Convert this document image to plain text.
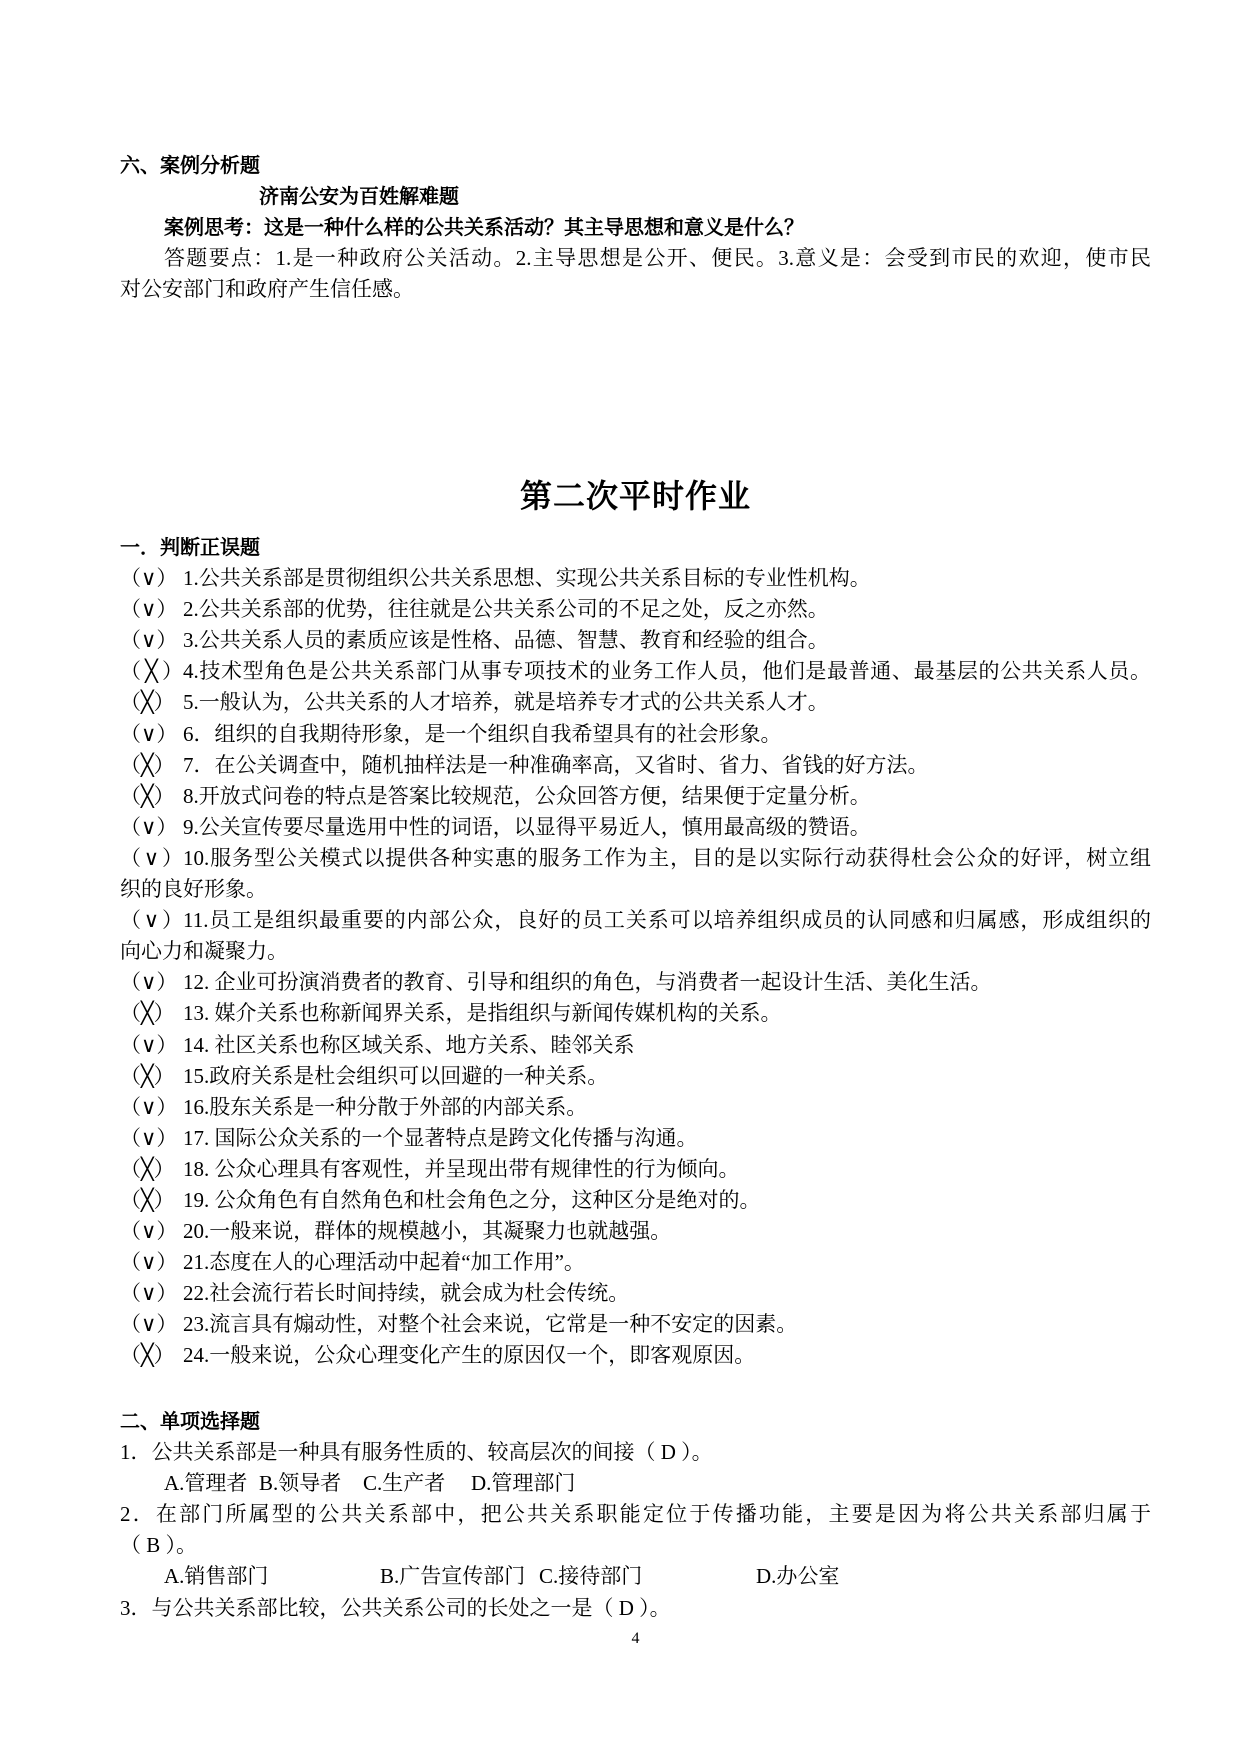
六、案例分析题
济南公安为百姓解难题
案例思考：这是一种什么样的公共关系活动？其主导思想和意义是什么？
答题要点：1.是一种政府公关活动。2.主导思想是公开、便民。3.意义是：会受到市民的欢迎，使市民
对公安部门和政府产生信任感。
第二次平时作业
一．判断正误题
（∨） 1.公共关系部是贯彻组织公共关系思想、实现公共关系目标的专业性机构。
（∨） 2.公共关系部的优势，往往就是公共关系公司的不足之处，反之亦然。
（∨） 3.公共关系人员的素质应该是性格、品德、智慧、教育和经验的组合。
（╳）4.技术型角色是公共关系部门从事专项技术的业务工作人员，他们是最普通、最基层的公共关系人员。
（╳） 5.一般认为，公共关系的人才培养，就是培养专才式的公共关系人才。
（∨） 6．组织的自我期待形象，是一个组织自我希望具有的社会形象。
（╳） 7．在公关调查中，随机抽样法是一种准确率高，又省时、省力、省钱的好方法。
（╳） 8.开放式问卷的特点是答案比较规范，公众回答方便，结果便于定量分析。
（∨） 9.公关宣传要尽量选用中性的词语，以显得平易近人，慎用最高级的赞语。
（∨）10.服务型公关模式以提供各种实惠的服务工作为主，目的是以实际行动获得杜会公众的好评，树立组
织的良好形象。
（∨）11.员工是组织最重要的内部公众，良好的员工关系可以培养组织成员的认同感和归属感，形成组织的
向心力和凝聚力。
（∨） 12. 企业可扮演消费者的教育、引导和组织的角色，与消费者一起设计生活、美化生活。
（╳） 13. 媒介关系也称新闻界关系，是指组织与新闻传媒机构的关系。
（∨） 14. 社区关系也称区域关系、地方关系、睦邻关系
（╳） 15.政府关系是杜会组织可以回避的一种关系。
（∨） 16.股东关系是一种分散于外部的内部关系。
（∨） 17. 国际公众关系的一个显著特点是跨文化传播与沟通。
（╳） 18. 公众心理具有客观性，并呈现出带有规律性的行为倾向。
（╳） 19. 公众角色有自然角色和杜会角色之分，这种区分是绝对的。
（∨） 20.一般来说，群体的规模越小，其凝聚力也就越强。
（∨） 21.态度在人的心理活动中起着“加工作用”。
（∨） 22.社会流行若长时间持续，就会成为杜会传统。
（∨） 23.流言具有煽动性，对整个社会来说，它常是一种不安定的因素。
（╳） 24.一般来说，公众心理变化产生的原因仅一个，即客观原因。
二、单项选择题
1．公共关系部是一种具有服务性质的、较高层次的间接（ D ）。
A.管理者 B.领导者 C.生产者 D.管理部门
2．在部门所属型的公共关系部中，把公共关系职能定位于传播功能，主要是因为将公共关系部归属于
（ B ）。
A.销售部门	B.广告宣传部门 C.接待部门	D.办公室
3．与公共关系部比较，公共关系公司的长处之一是（ D ）。
4
